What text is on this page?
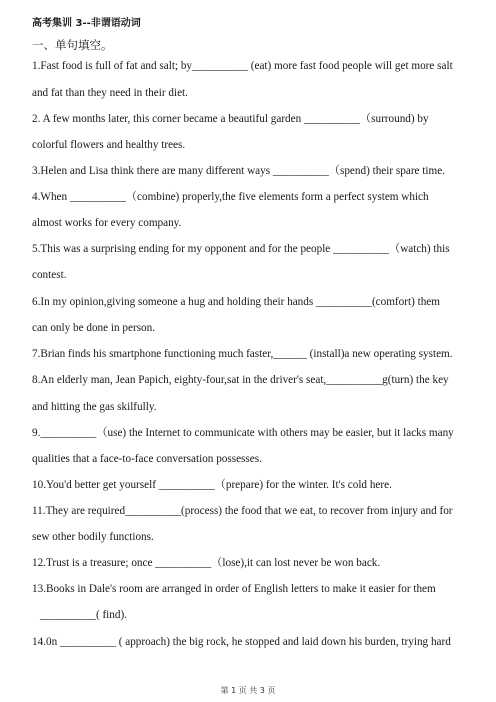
高考集训 3--非谓语动词
一、单句填空。
1.Fast food is full of fat and salt; by__________ (eat) more fast food people will get more salt
and fat than they need in their diet.
2. A few months later, this corner became a beautiful garden __________（surround) by
colorful flowers and healthy trees.
3.Helen and Lisa think there are many different ways __________（spend) their spare time.
4.When __________（combine) properly,the five elements form a perfect system which
almost works for every company.
5.This was a surprising ending for my opponent and for the people __________（watch) this
contest.
6.In my opinion,giving someone a hug and holding their hands __________(comfort) them
can only be done in person.
7.Brian finds his smartphone functioning much faster,______ (install)a new operating system.
8.An elderly man, Jean Papich, eighty-four,sat in the driver's seat,__________g(turn) the key
and hitting the gas skilfully.
9.__________（use) the Internet to communicate with others may be easier, but it lacks many
qualities that a face-to-face conversation possesses.
10.You'd better get yourself __________（prepare) for the winter. It's cold here.
11.They are required__________(process) the food that we eat, to recover from injury and for
sew other bodily functions.
12.Trust is a treasure; once __________（lose),it can lost never be won back.
13.Books in Dale's room are arranged in order of English letters to make it easier for them
__________( find).
14.0n __________ ( approach) the big rock, he stopped and laid down his burden, trying hard
第 1 页 共 3 页
